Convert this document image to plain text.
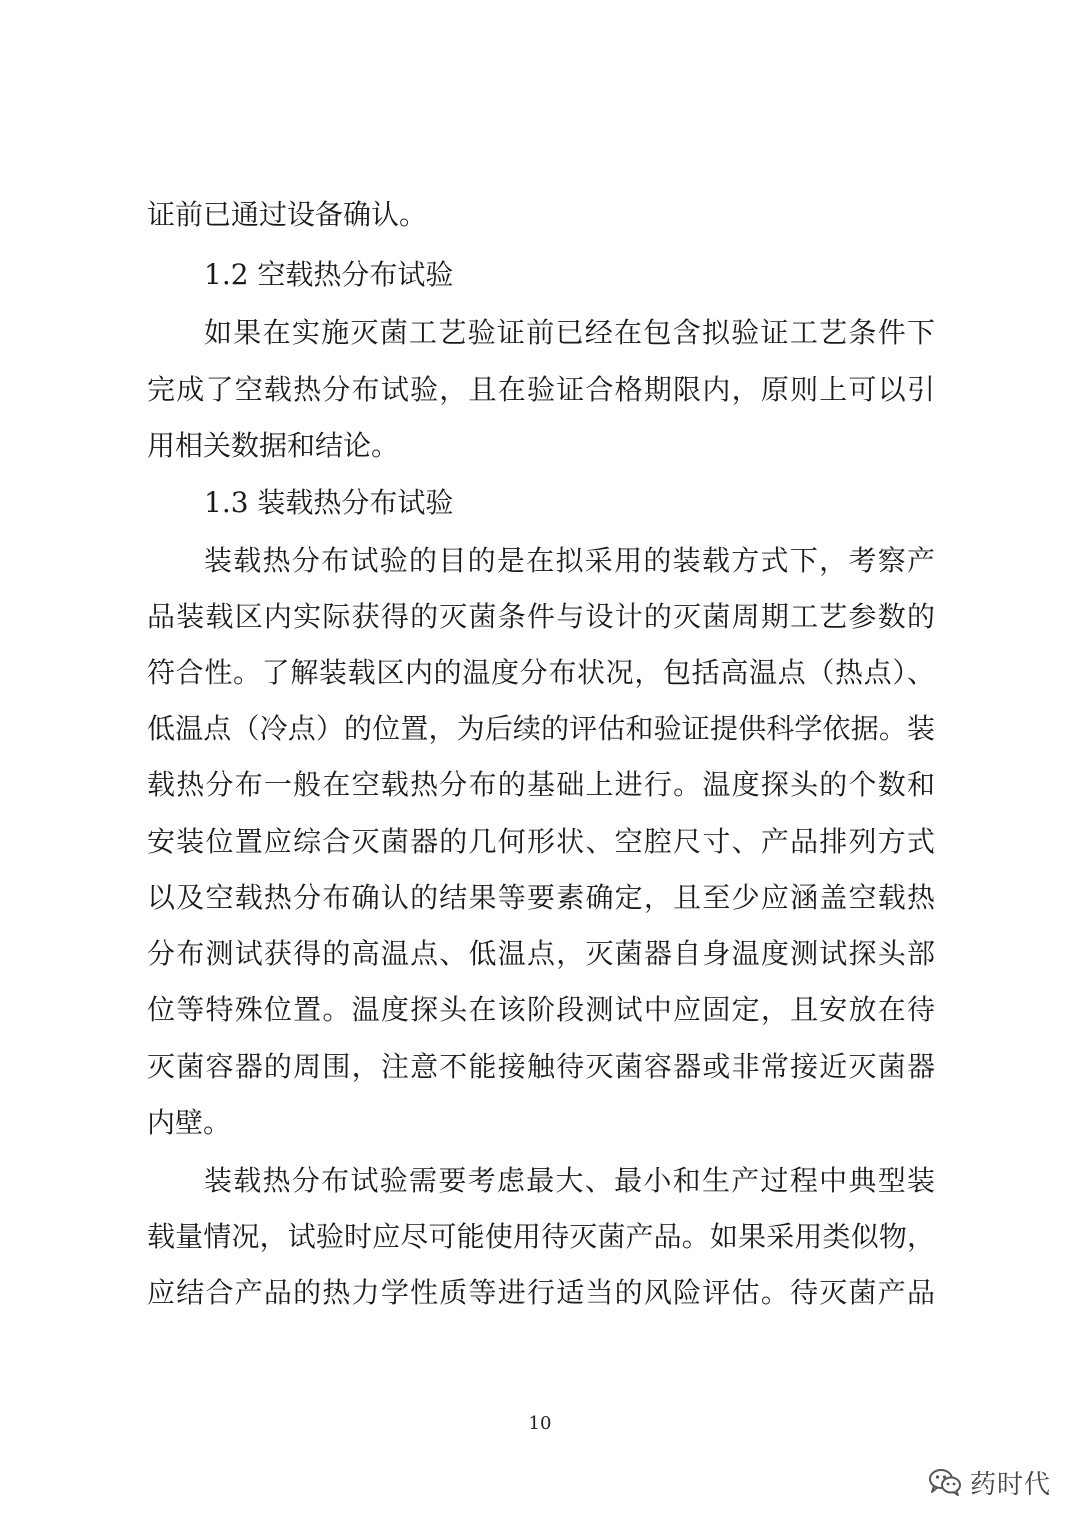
证前已通过设备确认。
1.2 空载热分布试验
如果在实施灭菌工艺验证前已经在包含拟验证工艺条件下
完成了空载热分布试验，且在验证合格期限内，原则上可以引
用相关数据和结论。
1.3 装载热分布试验
装载热分布试验的目的是在拟采用的装载方式下，考察产
品装载区内实际获得的灭菌条件与设计的灭菌周期工艺参数的
符合性。了解装载区内的温度分布状况，包括高温点（热点）、
低温点（冷点）的位置，为后续的评估和验证提供科学依据。装
载热分布一般在空载热分布的基础上进行。温度探头的个数和
安装位置应综合灭菌器的几何形状、空腔尺寸、产品排列方式
以及空载热分布确认的结果等要素确定，且至少应涵盖空载热
分布测试获得的高温点、低温点，灭菌器自身温度测试探头部
位等特殊位置。温度探头在该阶段测试中应固定，且安放在待
灭菌容器的周围，注意不能接触待灭菌容器或非常接近灭菌器
内壁。
装载热分布试验需要考虑最大、最小和生产过程中典型装
载量情况，试验时应尽可能使用待灭菌产品。如果采用类似物，
应结合产品的热力学性质等进行适当的风险评估。待灭菌产品
10
药时代
